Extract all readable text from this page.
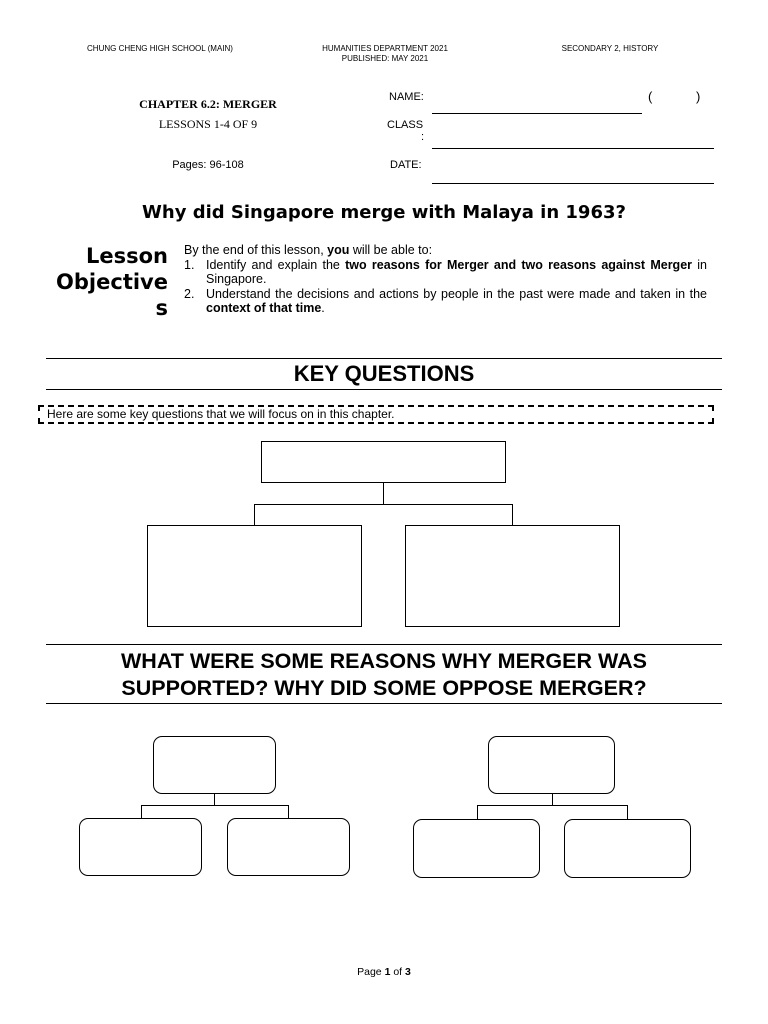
CHUNG CHENG HIGH SCHOOL (MAIN)	HUMANITIES DEPARTMENT 2021
PUBLISHED: MAY 2021
SECONDARY 2, HISTORY
CHAPTER 6.2: MERGER
LESSONS 1-4 OF 9
Pages: 96-108
NAME:	(	)
CLASS
:
DATE:
Why did Singapore merge with Malaya in 1963?
Lesson
Objective
s
By the end of this lesson, you will be able to:
1. Identify and explain the two reasons for Merger and two reasons against Merger in Singapore.
2. Understand the decisions and actions by people in the past were made and taken in the context of that time.
KEY QUESTIONS
Here are some key questions that we will focus on in this chapter.
WHAT WERE SOME REASONS WHY MERGER WAS
SUPPORTED? WHY DID SOME OPPOSE MERGER?
Page 1 of 3
